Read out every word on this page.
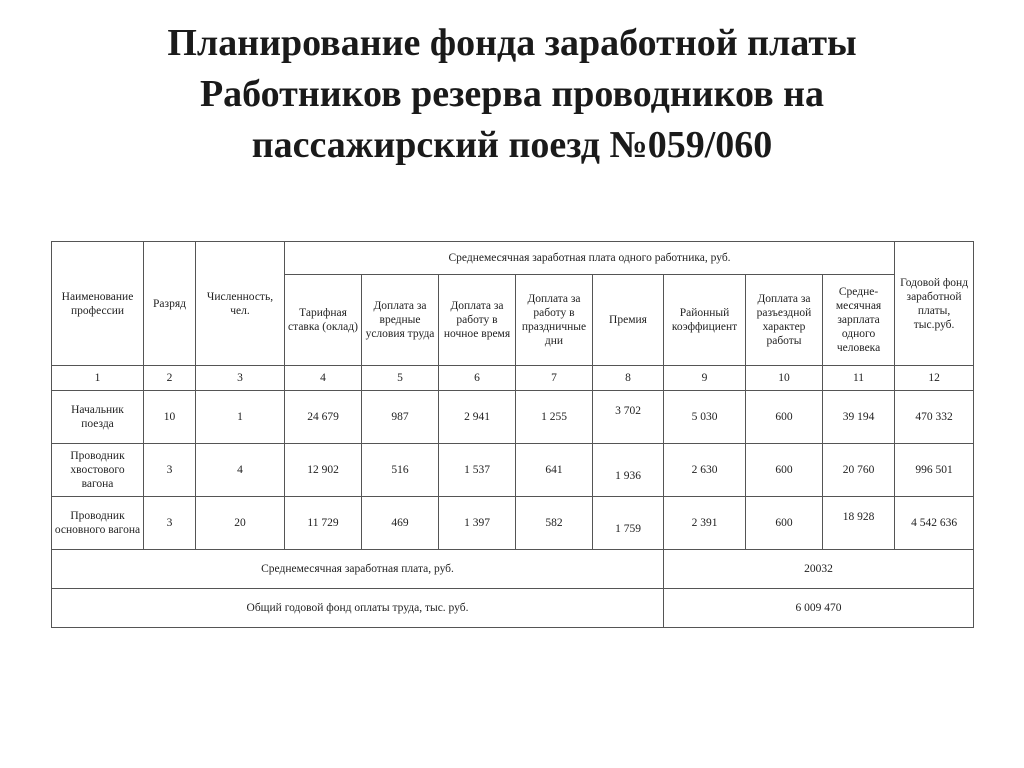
Планирование фонда заработной платы
Работников резерва проводников на
пассажирский поезд №059/060
Наименование профессии	Разряд	Численность, чел.	Среднемесячная заработная плата одного работника, руб.								Годовой фонд заработной платы, тыс.руб.
			Тарифная ставка (оклад)	Доплата за вредные условия труда	Доплата за работу в ночное время	Доплата за работу в праздничные дни	Премия	Районный коэффициент	Доплата за разъездной характер работы	Средне-месячная зарплата одного человека	
1	2	3	4	5	6	7	8	9	10	11	12
Начальник поезда	10	1	24 679	987	2 941	1 255	3 702	5 030	600	39 194	470 332
Проводник хвостового вагона	3	4	12 902	516	1 537	641	1 936	2 630	600	20 760	996 501
Проводник основного вагона	3	20	11 729	469	1 397	582	1 759	2 391	600	18 928	4 542 636
Среднемесячная заработная плата, руб.								20032			
Общий годовой фонд оплаты труда, тыс. руб.								6 009 470			
